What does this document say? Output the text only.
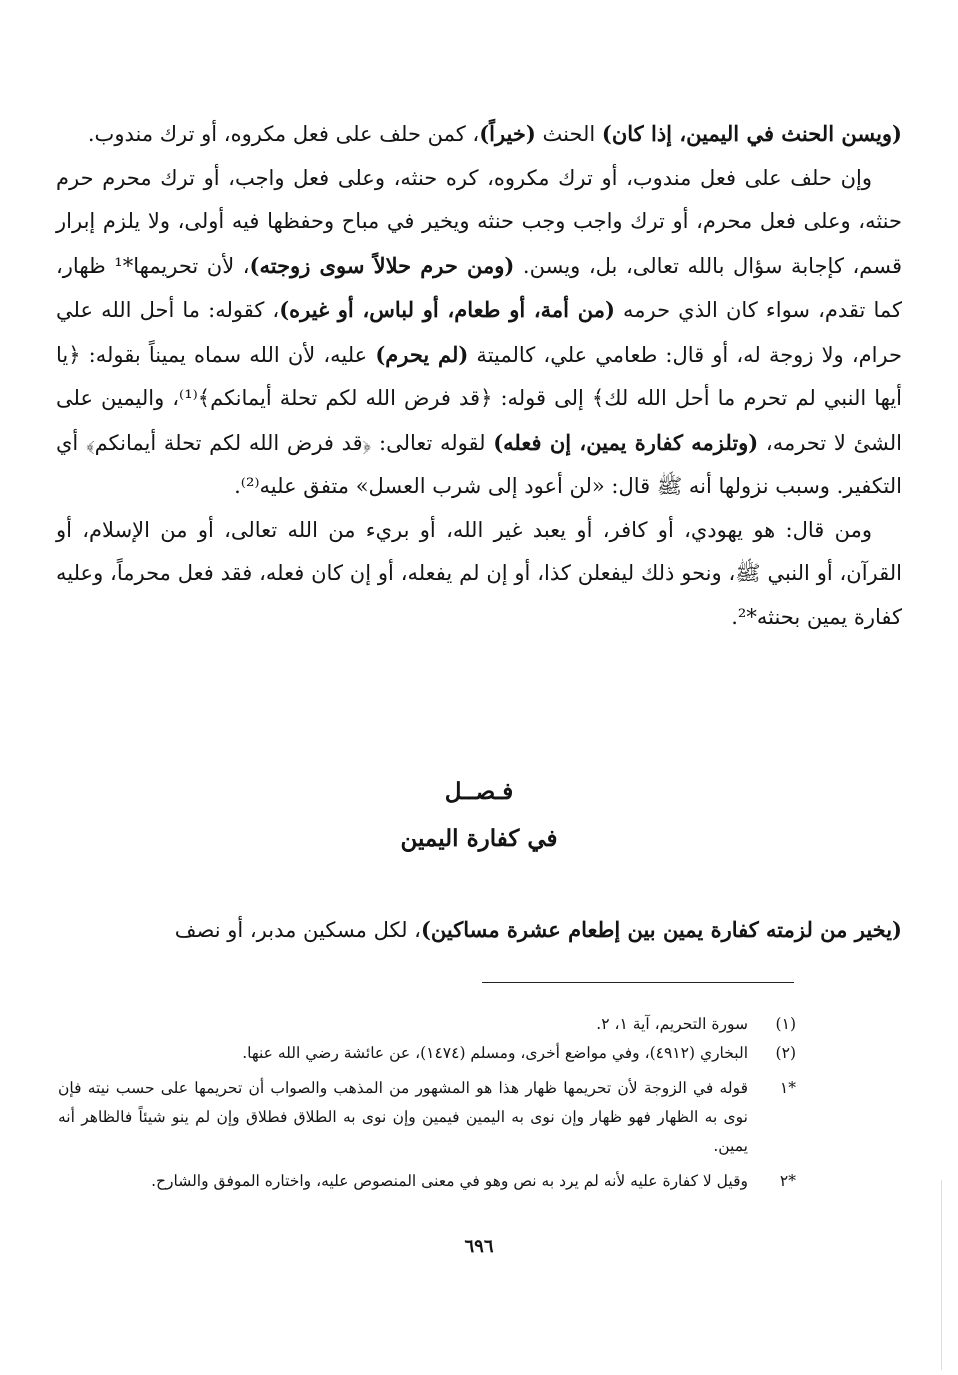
(ويسن الحنث في اليمين، إذا كان) الحنث (خيراً)، كمن حلف على فعل مكروه، أو ترك مندوب.

وإن حلف على فعل مندوب، أو ترك مكروه، كره حنثه، وعلى فعل واجب، أو ترك محرم حرم حنثه، وعلى فعل محرم، أو ترك واجب وجب حنثه ويخير في مباح وحفظها فيه أولى، ولا يلزم إبرار قسم، كإجابة سؤال بالله تعالى، بل، ويسن. (ومن حرم حلالاً سوى زوجته)، لأن تحريمها*¹ ظهار، كما تقدم، سواء كان الذي حرمه (من أمة، أو طعام، أو لباس، أو غيره)، كقوله: ما أحل الله علي حرام، ولا زوجة له، أو قال: طعامي علي، كالميتة (لم يحرم) عليه، لأن الله سماه يميناً بقوله: ﴿يا أيها النبي لم تحرم ما أحل الله لك﴾ إلى قوله: ﴿قد فرض الله لكم تحلة أيمانكم﴾⁽¹⁾، واليمين على الشئ لا تحرمه، (وتلزمه كفارة يمين، إن فعله) لقوله تعالى: ﴿قد فرض الله لكم تحلة أيمانكم﴾ أي التكفير. وسبب نزولها أنه ﷺ قال: «لن أعود إلى شرب العسل» متفق عليه⁽²⁾.

ومن قال: هو يهودي، أو كافر، أو يعبد غير الله، أو بريء من الله تعالى، أو من الإسلام، أو القرآن، أو النبي ﷺ، ونحو ذلك ليفعلن كذا، أو إن لم يفعله، أو إن كان فعله، فقد فعل محرماً، وعليه كفارة يمين بحنثه*².

فـصــل
في كفارة اليمين

(يخير من لزمته كفارة يمين بين إطعام عشرة مساكين)، لكل مسكين مدبر، أو نصف

(١)
سورة التحريم، آية ١، ٢.
(٢)
البخاري (٤٩١٢)، وفي مواضع أخرى، ومسلم (١٤٧٤)، عن عائشة رضي الله عنها.
*١
قوله في الزوجة لأن تحريمها ظهار هذا هو المشهور من المذهب والصواب أن تحريمها على حسب نيته فإن نوى به الظهار فهو ظهار وإن نوى به اليمين فيمين وإن نوى به الطلاق فطلاق وإن لم ينو شيئاً فالظاهر أنه يمين.
*٢
وقيل لا كفارة عليه لأنه لم يرد به نص وهو في معنى المنصوص عليه، واختاره الموفق والشارح.
٦٩٦
